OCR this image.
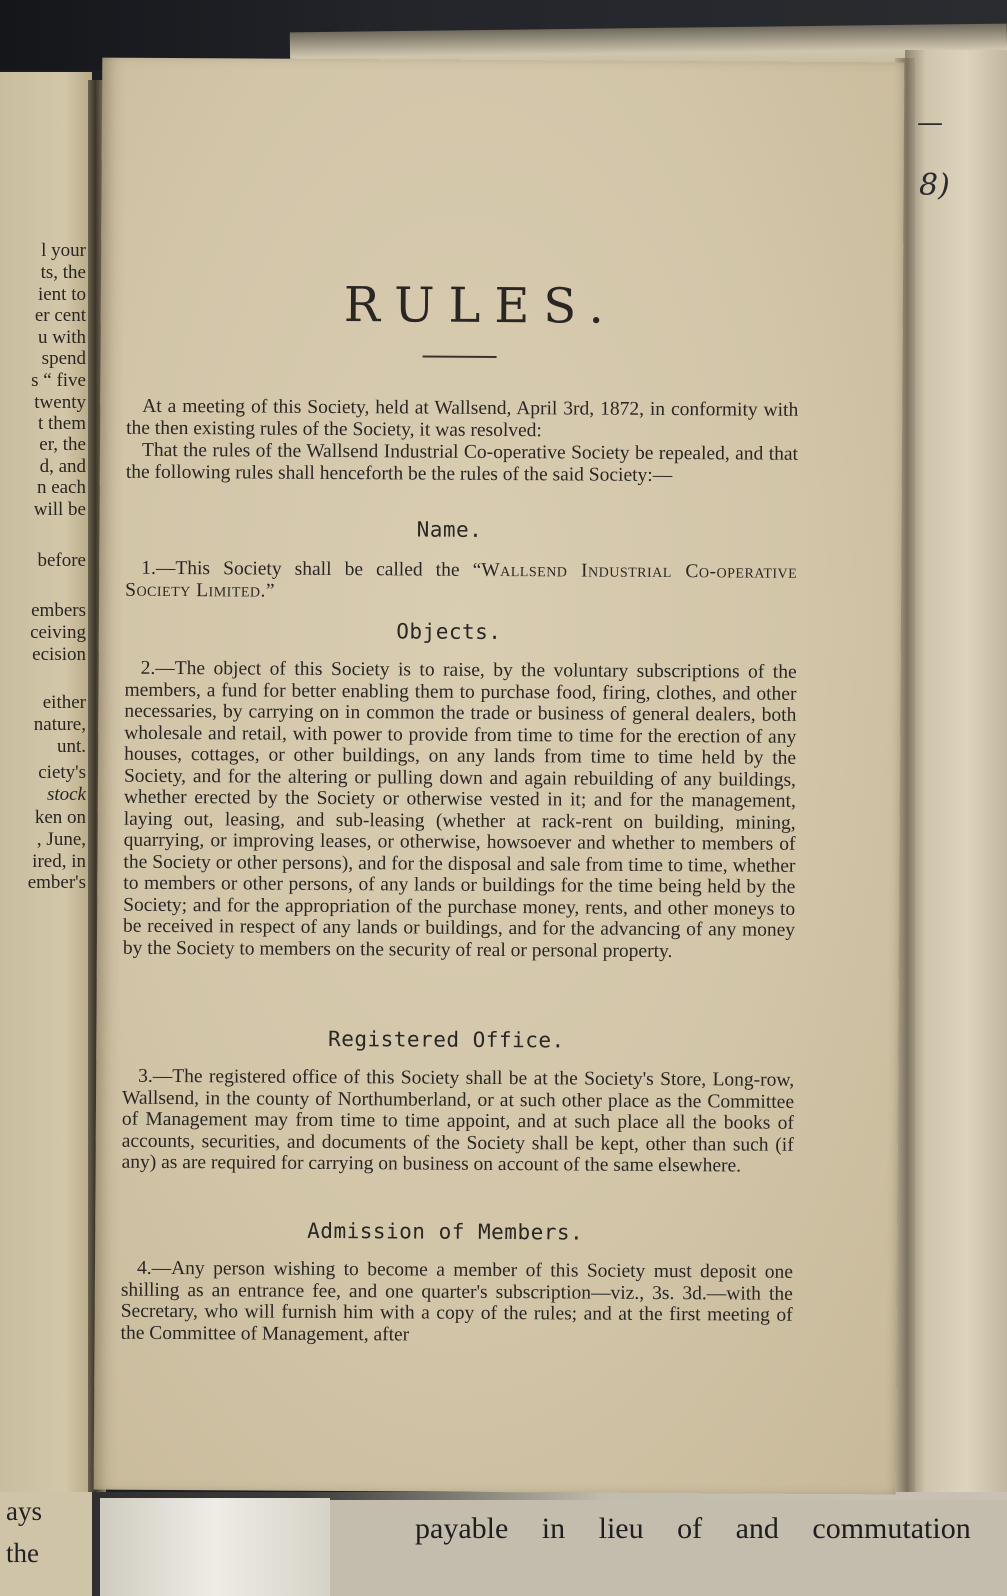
l your
ts, the
ient to
er cent
u with
spend
s “ five
twenty
t them
er, the
d, and
n each
will be
before
embers
ceiving
ecision
either
nature,
unt.
ciety's
stock
ken on
, June,
ired, in
ember's
—
8)
ays
the
payable in lieu of and commutation
RULES.

At a meeting of this Society, held at Wallsend, April 3rd, 1872, in conformity with the then existing rules of the Society, it was resolved:

That the rules of the Wallsend Industrial Co-operative Society be repealed, and that the following rules shall henceforth be the rules of the said Society:—

Name.

1.—This Society shall be called the “Wallsend Industrial Co-operative Society Limited.”

Objects.

2.—The object of this Society is to raise, by the voluntary subscriptions of the members, a fund for better enabling them to purchase food, firing, clothes, and other necessaries, by carrying on in common the trade or business of general dealers, both wholesale and retail, with power to provide from time to time for the erection of any houses, cottages, or other buildings, on any lands from time to time held by the Society, and for the altering or pulling down and again rebuilding of any buildings, whether erected by the Society or otherwise vested in it; and for the management, laying out, leasing, and sub-leasing (whether at rack-rent on building, mining, quarrying, or improving leases, or otherwise, howsoever and whether to members of the Society or other persons), and for the disposal and sale from time to time, whether to members or other persons, of any lands or buildings for the time being held by the Society; and for the appropriation of the purchase money, rents, and other moneys to be received in respect of any lands or buildings, and for the advancing of any money by the Society to members on the security of real or personal property.

Registered Office.

3.—The registered office of this Society shall be at the Society's Store, Long-row, Wallsend, in the county of Northumberland, or at such other place as the Committee of Management may from time to time appoint, and at such place all the books of accounts, securities, and documents of the Society shall be kept, other than such (if any) as are required for carrying on business on account of the same elsewhere.

Admission of Members.

4.—Any person wishing to become a member of this Society must deposit one shilling as an entrance fee, and one quarter's subscription—viz., 3s. 3d.—with the Secretary, who will furnish him with a copy of the rules; and at the first meeting of the Committee of Management, after
